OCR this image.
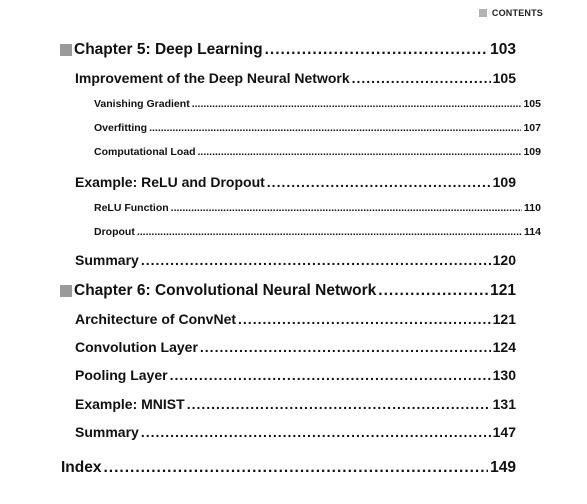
CONTENTS
Chapter 5: Deep Learning .....	103
Improvement of the Deep Neural Network .....	105
Vanishing Gradient .....	105
Overfitting .....	107
Computational Load .....	109
Example: ReLU and Dropout .....	109
ReLU Function .....	110
Dropout .....	114
Summary .....	120
Chapter 6: Convolutional Neural Network .....	121
Architecture of ConvNet .....	121
Convolution Layer .....	124
Pooling Layer .....	130
Example: MNIST .....	131
Summary .....	147
Index .....	149
